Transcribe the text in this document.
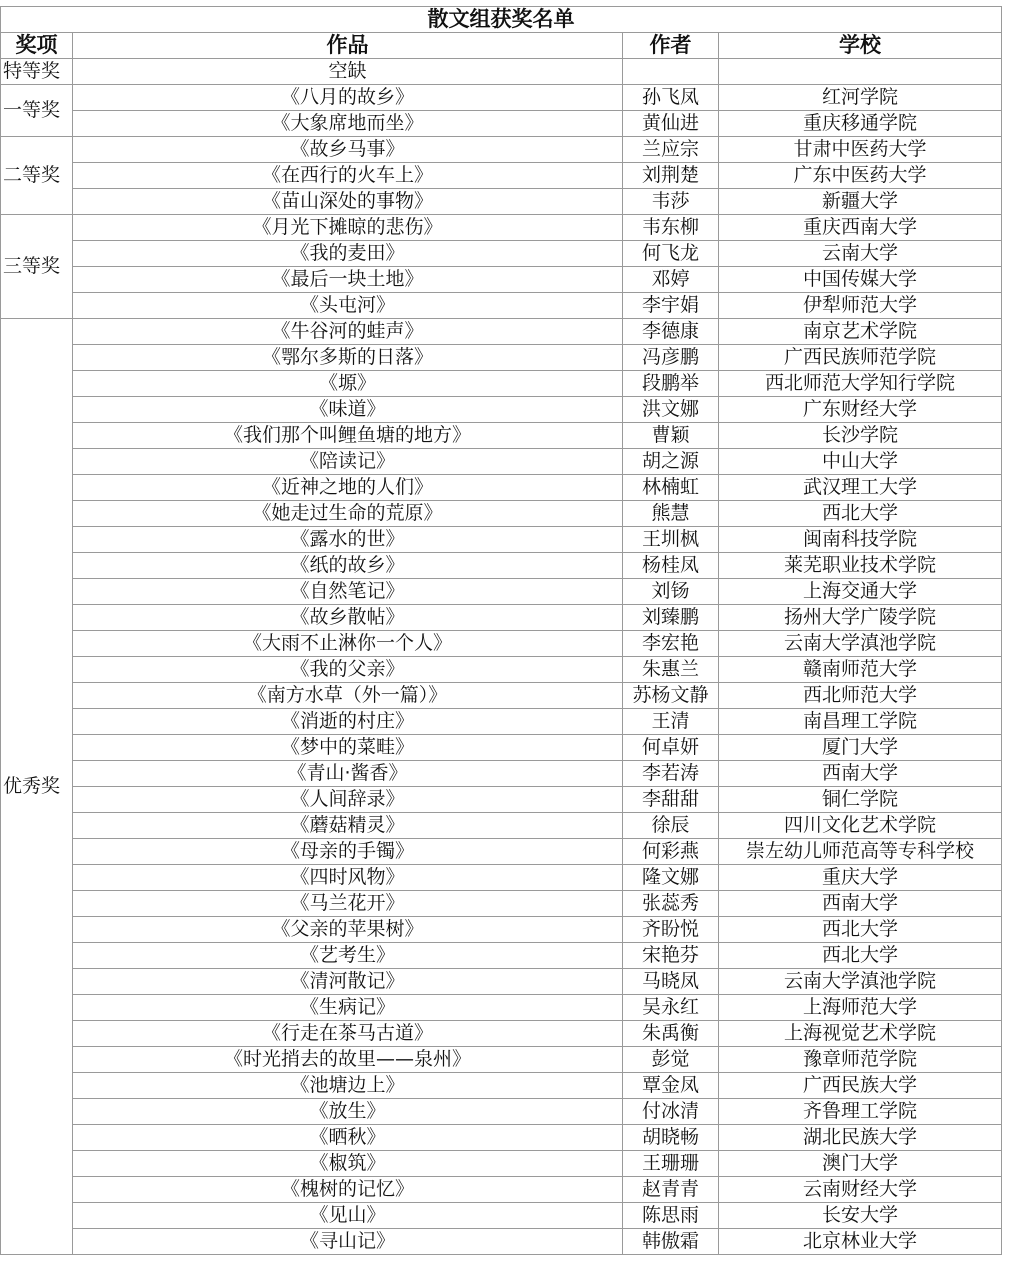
散文组获奖名单			
奖项	作品	作者	学校
特等奖	空缺		
一等奖	《八月的故乡》	孙飞凤	红河学院
	《大象席地而坐》	黄仙进	重庆移通学院
二等奖	《故乡马事》	兰应宗	甘肃中医药大学
	《在西行的火车上》	刘荆楚	广东中医药大学
	《苗山深处的事物》	韦莎	新疆大学
三等奖	《月光下摊晾的悲伤》	韦东柳	重庆西南大学
	《我的麦田》	何飞龙	云南大学
	《最后一块土地》	邓婷	中国传媒大学
	《头屯河》	李宇娟	伊犁师范大学
优秀奖	《牛谷河的蛙声》	李德康	南京艺术学院
	《鄂尔多斯的日落》	冯彦鹏	广西民族师范学院
	《塬》	段鹏举	西北师范大学知行学院
	《味道》	洪文娜	广东财经大学
	《我们那个叫鲤鱼塘的地方》	曹颖	长沙学院
	《陪读记》	胡之源	中山大学
	《近神之地的人们》	林楠虹	武汉理工大学
	《她走过生命的荒原》	熊慧	西北大学
	《露水的世》	王圳枫	闽南科技学院
	《纸的故乡》	杨桂凤	莱芜职业技术学院
	《自然笔记》	刘钖	上海交通大学
	《故乡散帖》	刘臻鹏	扬州大学广陵学院
	《大雨不止淋你一个人》	李宏艳	云南大学滇池学院
	《我的父亲》	朱惠兰	赣南师范大学
	《南方水草（外一篇）》	苏杨文静	西北师范大学
	《消逝的村庄》	王清	南昌理工学院
	《梦中的菜畦》	何卓妍	厦门大学
	《青山·酱香》	李若涛	西南大学
	《人间辞录》	李甜甜	铜仁学院
	《蘑菇精灵》	徐辰	四川文化艺术学院
	《母亲的手镯》	何彩燕	崇左幼儿师范高等专科学校
	《四时风物》	隆文娜	重庆大学
	《马兰花开》	张蕊秀	西南大学
	《父亲的苹果树》	齐盼悦	西北大学
	《艺考生》	宋艳芬	西北大学
	《清河散记》	马晓凤	云南大学滇池学院
	《生病记》	吴永红	上海师范大学
	《行走在茶马古道》	朱禹衡	上海视觉艺术学院
	《时光捎去的故里——泉州》	彭觉	豫章师范学院
	《池塘边上》	覃金凤	广西民族大学
	《放生》	付冰清	齐鲁理工学院
	《晒秋》	胡晓畅	湖北民族大学
	《椒筑》	王珊珊	澳门大学
	《槐树的记忆》	赵青青	云南财经大学
	《见山》	陈思雨	长安大学
	《寻山记》	韩傲霜	北京林业大学
